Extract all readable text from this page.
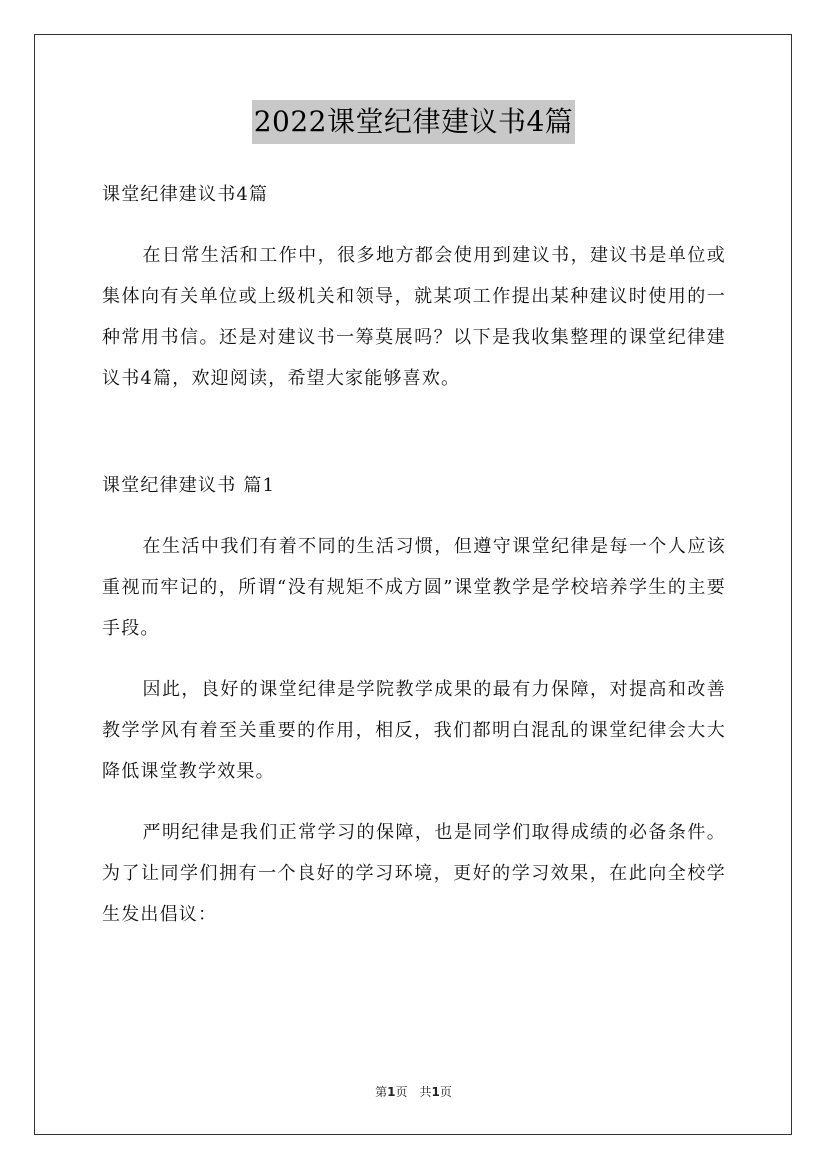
2022课堂纪律建议书4篇

课堂纪律建议书4篇

在日常生活和工作中，很多地方都会使用到建议书，建议书是单位或集体向有关单位或上级机关和领导，就某项工作提出某种建议时使用的一种常用书信。还是对建议书一筹莫展吗？以下是我收集整理的课堂纪律建议书4篇，欢迎阅读，希望大家能够喜欢。

课堂纪律建议书 篇1

在生活中我们有着不同的生活习惯，但遵守课堂纪律是每一个人应该重视而牢记的，所谓“没有规矩不成方圆”课堂教学是学校培养学生的主要手段。

因此，良好的课堂纪律是学院教学成果的最有力保障，对提高和改善教学学风有着至关重要的作用，相反，我们都明白混乱的课堂纪律会大大降低课堂教学效果。

严明纪律是我们正常学习的保障，也是同学们取得成绩的必备条件。为了让同学们拥有一个良好的学习环境，更好的学习效果，在此向全校学生发出倡议：

第1页　共1页
